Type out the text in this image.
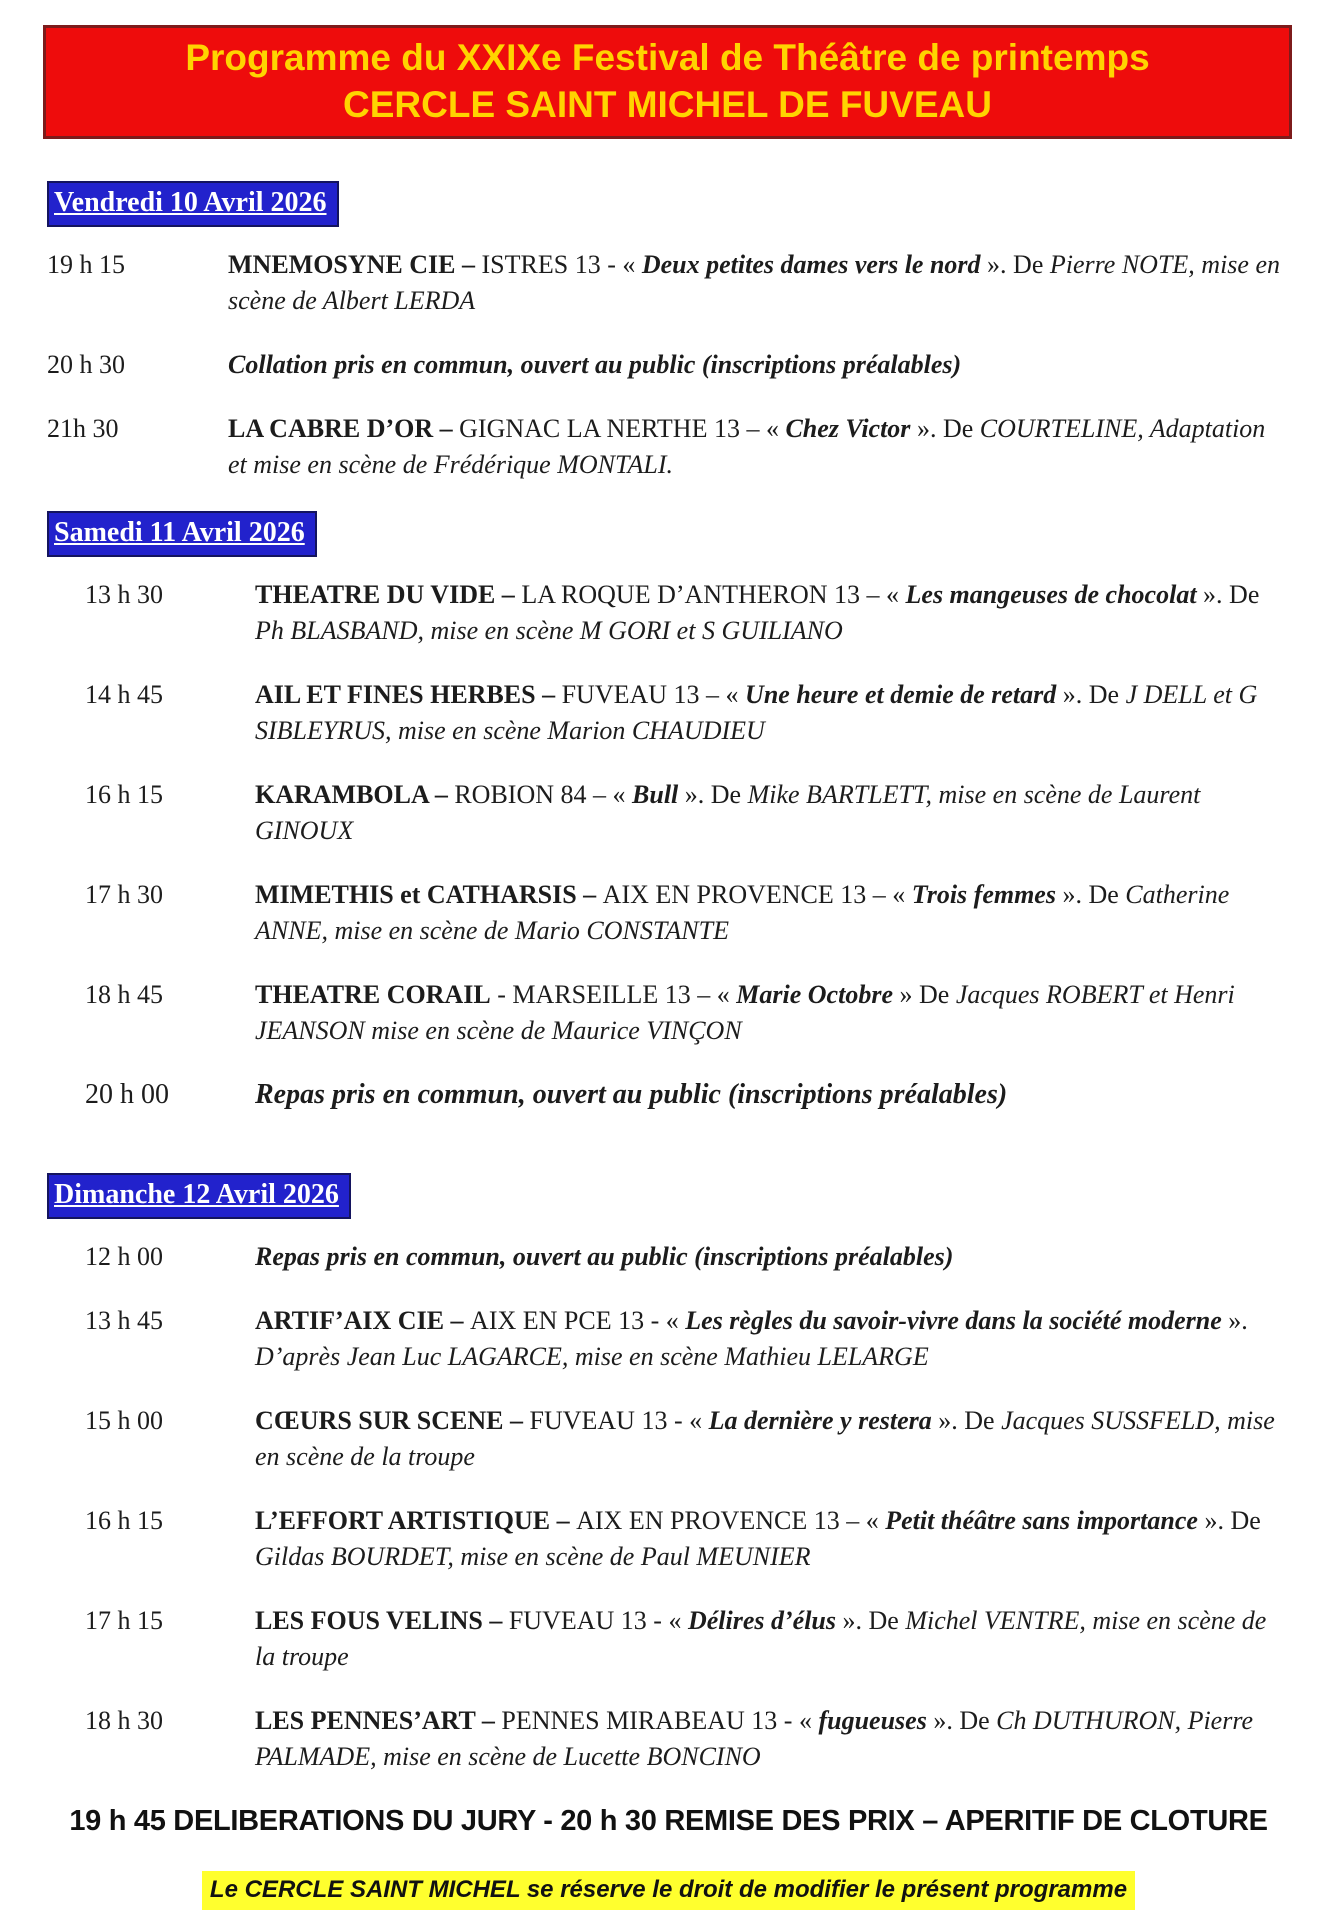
Programme du XXIXe Festival de Théâtre de printemps
CERCLE SAINT MICHEL DE FUVEAU
Vendredi 10 Avril 2026
19 h 15	MNEMOSYNE CIE – ISTRES 13 - « Deux petites dames vers le nord ». De Pierre NOTE, mise en scène de Albert LERDA
20 h 30	Collation pris en commun, ouvert au public (inscriptions préalables)
21h 30	LA CABRE D’OR – GIGNAC LA NERTHE 13 – « Chez Victor ». De COURTELINE, Adaptation et mise en scène de Frédérique MONTALI.
Samedi 11 Avril 2026
13 h 30	THEATRE DU VIDE – LA ROQUE D’ANTHERON 13 – « Les mangeuses de chocolat ». De Ph BLASBAND, mise en scène M GORI et S GUILIANO
14 h 45	AIL ET FINES HERBES – FUVEAU 13 – « Une heure et demie de retard ». De J DELL et G SIBLEYRUS, mise en scène Marion CHAUDIEU
16 h 15	KARAMBOLA – ROBION 84 – « Bull ». De Mike BARTLETT, mise en scène de Laurent GINOUX
17 h 30	MIMETHIS et CATHARSIS – AIX EN PROVENCE 13 – « Trois femmes ». De Catherine ANNE, mise en scène de Mario CONSTANTE
18 h 45	THEATRE CORAIL - MARSEILLE 13 – « Marie Octobre » De Jacques ROBERT et Henri JEANSON mise en scène de Maurice VINÇON
20 h 00	Repas pris en commun, ouvert au public (inscriptions préalables)
Dimanche 12 Avril 2026
12 h 00	Repas pris en commun, ouvert au public (inscriptions préalables)
13 h 45	ARTIF’AIX CIE – AIX EN PCE 13 - « Les règles du savoir-vivre dans la société moderne ». D’après Jean Luc LAGARCE, mise en scène Mathieu LELARGE
15 h 00	CŒURS SUR SCENE – FUVEAU 13 - « La dernière y restera ». De Jacques SUSSFELD, mise en scène de la troupe
16 h 15	L’EFFORT ARTISTIQUE – AIX EN PROVENCE 13 – « Petit théâtre sans importance ». De Gildas BOURDET, mise en scène de Paul MEUNIER
17 h 15	LES FOUS VELINS – FUVEAU 13 - « Délires d’élus ». De Michel VENTRE, mise en scène de la troupe
18 h 30	LES PENNES’ART – PENNES MIRABEAU 13 - « fugueuses ». De Ch DUTHURON, Pierre PALMADE, mise en scène de Lucette BONCINO
19 h 45 DELIBERATIONS DU JURY - 20 h 30 REMISE DES PRIX – APERITIF DE CLOTURE
Le CERCLE SAINT MICHEL se réserve le droit de modifier le présent programme
